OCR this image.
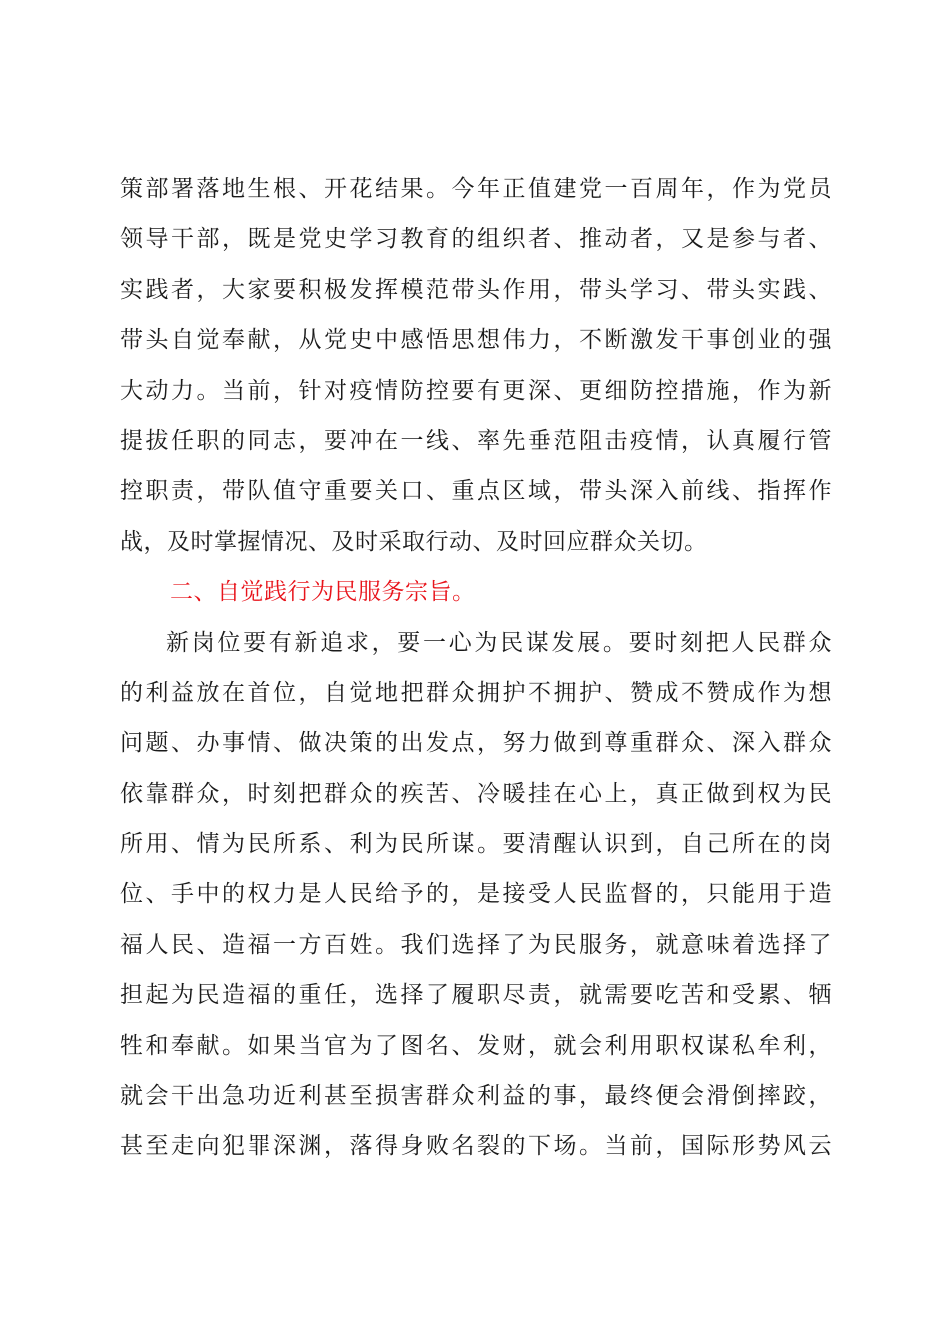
策部署落地生根、开花结果。今年正值建党一百周年，作为党员
领导干部，既是党史学习教育的组织者、推动者，又是参与者、
实践者，大家要积极发挥模范带头作用，带头学习、带头实践、
带头自觉奉献，从党史中感悟思想伟力，不断激发干事创业的强
大动力。当前，针对疫情防控要有更深、更细防控措施，作为新
提拔任职的同志，要冲在一线、率先垂范阻击疫情，认真履行管
控职责，带队值守重要关口、重点区域，带头深入前线、指挥作
战，及时掌握情况、及时采取行动、及时回应群众关切。
二、自觉践行为民服务宗旨。
新岗位要有新追求，要一心为民谋发展。要时刻把人民群众
的利益放在首位，自觉地把群众拥护不拥护、赞成不赞成作为想
问题、办事情、做决策的出发点，努力做到尊重群众、深入群众
依靠群众，时刻把群众的疾苦、冷暖挂在心上，真正做到权为民
所用、情为民所系、利为民所谋。要清醒认识到，自己所在的岗
位、手中的权力是人民给予的，是接受人民监督的，只能用于造
福人民、造福一方百姓。我们选择了为民服务，就意味着选择了
担起为民造福的重任，选择了履职尽责，就需要吃苦和受累、牺
牲和奉献。如果当官为了图名、发财，就会利用职权谋私牟利，
就会干出急功近利甚至损害群众利益的事，最终便会滑倒摔跤，
甚至走向犯罪深渊，落得身败名裂的下场。当前，国际形势风云
